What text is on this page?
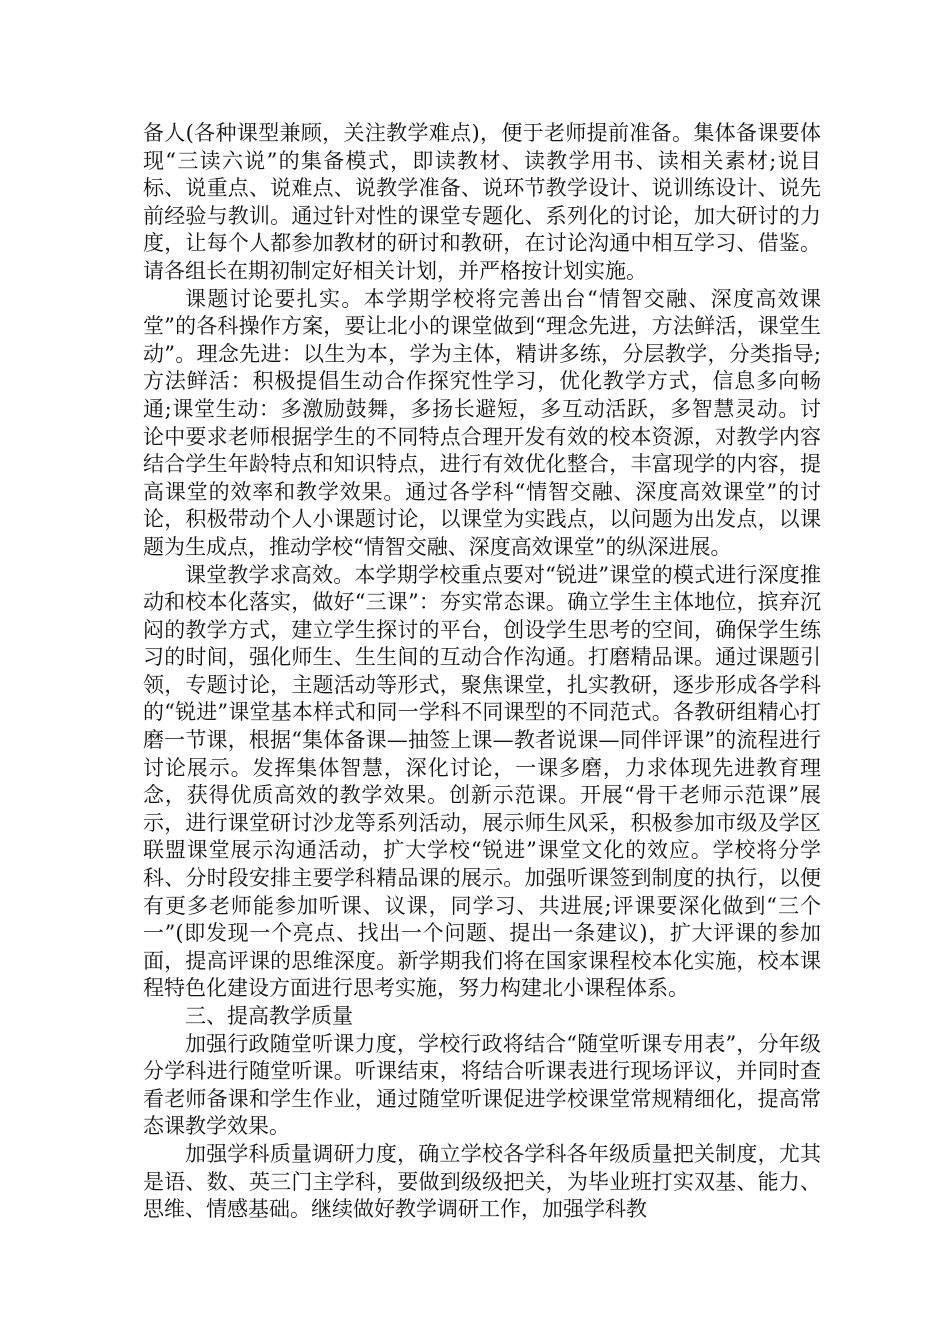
备人(各种课型兼顾，关注教学难点)，便于老师提前准备。集体备课要体现“三读六说”的集备模式，即读教材、读教学用书、读相关素材;说目标、说重点、说难点、说教学准备、说环节教学设计、说训练设计、说先前经验与教训。通过针对性的课堂专题化、系列化的讨论，加大研讨的力度，让每个人都参加教材的研讨和教研，在讨论沟通中相互学习、借鉴。请各组长在期初制定好相关计划，并严格按计划实施。

课题讨论要扎实。本学期学校将完善出台“情智交融、深度高效课堂”的各科操作方案，要让北小的课堂做到“理念先进，方法鲜活，课堂生动”。理念先进：以生为本，学为主体，精讲多练，分层教学，分类指导;方法鲜活：积极提倡生动合作探究性学习，优化教学方式，信息多向畅通;课堂生动：多激励鼓舞，多扬长避短，多互动活跃，多智慧灵动。讨论中要求老师根据学生的不同特点合理开发有效的校本资源，对教学内容结合学生年龄特点和知识特点，进行有效优化整合，丰富现学的内容，提高课堂的效率和教学效果。通过各学科“情智交融、深度高效课堂”的讨论，积极带动个人小课题讨论，以课堂为实践点，以问题为出发点，以课题为生成点，推动学校“情智交融、深度高效课堂”的纵深进展。

课堂教学求高效。本学期学校重点要对“锐进”课堂的模式进行深度推动和校本化落实，做好“三课”：夯实常态课。确立学生主体地位，摈弃沉闷的教学方式，建立学生探讨的平台，创设学生思考的空间，确保学生练习的时间，强化师生、生生间的互动合作沟通。打磨精品课。通过课题引领，专题讨论，主题活动等形式，聚焦课堂，扎实教研，逐步形成各学科的“锐进”课堂基本样式和同一学科不同课型的不同范式。各教研组精心打磨一节课，根据“集体备课—抽签上课—教者说课—同伴评课”的流程进行讨论展示。发挥集体智慧，深化讨论，一课多磨，力求体现先进教育理念，获得优质高效的教学效果。创新示范课。开展“骨干老师示范课”展示，进行课堂研讨沙龙等系列活动，展示师生风采，积极参加市级及学区联盟课堂展示沟通活动，扩大学校“锐进”课堂文化的效应。学校将分学科、分时段安排主要学科精品课的展示。加强听课签到制度的执行，以便有更多老师能参加听课、议课，同学习、共进展;评课要深化做到“三个一”(即发现一个亮点、找出一个问题、提出一条建议)，扩大评课的参加面，提高评课的思维深度。新学期我们将在国家课程校本化实施，校本课程特色化建设方面进行思考实施，努力构建北小课程体系。

三、提高教学质量

加强行政随堂听课力度，学校行政将结合“随堂听课专用表”，分年级分学科进行随堂听课。听课结束，将结合听课表进行现场评议，并同时查看老师备课和学生作业，通过随堂听课促进学校课堂常规精细化，提高常态课教学效果。

加强学科质量调研力度，确立学校各学科各年级质量把关制度，尤其是语、数、英三门主学科，要做到级级把关，为毕业班打实双基、能力、思维、情感基础。继续做好教学调研工作，加强学科教
